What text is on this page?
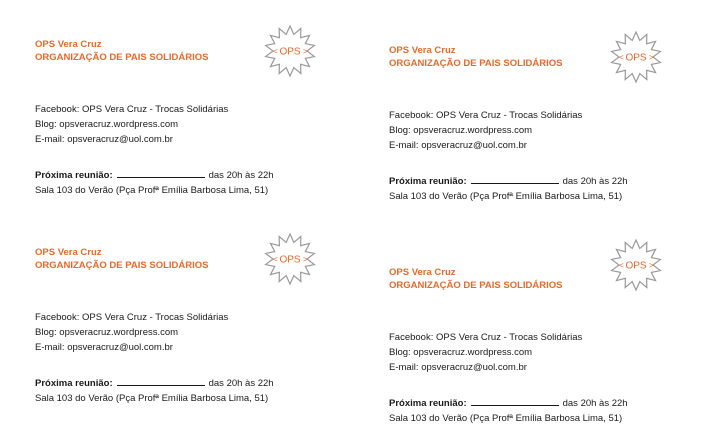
OPS Vera Cruz
ORGANIZAÇÃO DE PAIS SOLIDÁRIOS	OPS
<	>
Facebook: OPS Vera Cruz - Trocas Solidárias
Blog: opsveracruz.wordpress.com
E-mail: opsveracruz@uol.com.br
Próxima reunião:	das 20h às 22h
Sala 103 do Verão (Pça Profª Emília Barbosa Lima, 51)
OPS Vera Cruz
ORGANIZAÇÃO DE PAIS SOLIDÁRIOS	OPS
<	>
Facebook: OPS Vera Cruz - Trocas Solidárias
Blog: opsveracruz.wordpress.com
E-mail: opsveracruz@uol.com.br
Próxima reunião:	das 20h às 22h
Sala 103 do Verão (Pça Profª Emília Barbosa Lima, 51)
OPS Vera Cruz
ORGANIZAÇÃO DE PAIS SOLIDÁRIOS	OPS
<	>
Facebook: OPS Vera Cruz - Trocas Solidárias
Blog: opsveracruz.wordpress.com
E-mail: opsveracruz@uol.com.br
Próxima reunião:	das 20h às 22h
Sala 103 do Verão (Pça Profª Emília Barbosa Lima, 51)
OPS Vera Cruz
ORGANIZAÇÃO DE PAIS SOLIDÁRIOS
OPS
<	>
Facebook: OPS Vera Cruz - Trocas Solidárias
Blog: opsveracruz.wordpress.com
E-mail: opsveracruz@uol.com.br
Próxima reunião:	das 20h às 22h
Sala 103 do Verão (Pça Profª Emília Barbosa Lima, 51)
